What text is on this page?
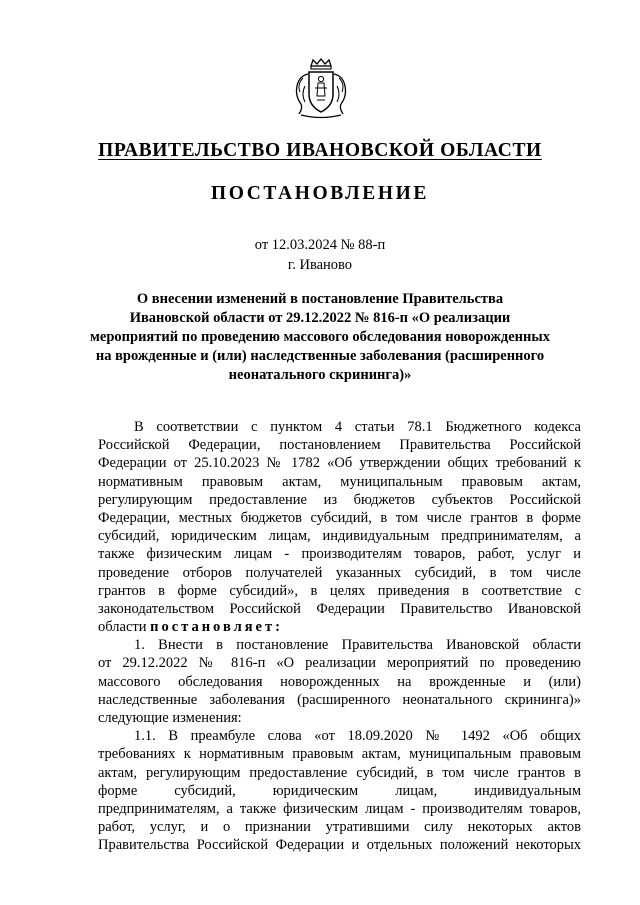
ПРАВИТЕЛЬСТВО ИВАНОВСКОЙ ОБЛАСТИ
ПОСТАНОВЛЕНИЕ
от 12.03.2024 № 88-п
г. Иваново
О внесении изменений в постановление Правительства
Ивановской области от 29.12.2022 № 816-п «О реализации
мероприятий по проведению массового обследования новорожденных
на врожденные и (или) наследственные заболевания (расширенного
неонатального скрининга)»
В соответствии с пунктом 4 статьи 78.1 Бюджетного кодекса
Российской Федерации, постановлением Правительства Российской
Федерации от 25.10.2023 № 1782 «Об утверждении общих требований к
нормативным правовым актам, муниципальным правовым актам,
регулирующим предоставление из бюджетов субъектов Российской
Федерации, местных бюджетов субсидий, в том числе грантов в форме
субсидий, юридическим лицам, индивидуальным предпринимателям, а
также физическим лицам - производителям товаров, работ, услуг и
проведение отборов получателей указанных субсидий, в том числе
грантов в форме субсидий», в целях приведения в соответствие с
законодательством Российской Федерации Правительство Ивановской
области постановляет:
1. Внести в постановление Правительства Ивановской области
от 29.12.2022 № 816-п «О реализации мероприятий по проведению
массового обследования новорожденных на врожденные и (или)
наследственные заболевания (расширенного неонатального скрининга)»
следующие изменения:
1.1. В преамбуле слова «от 18.09.2020 № 1492 «Об общих
требованиях к нормативным правовым актам, муниципальным правовым
актам, регулирующим предоставление субсидий, в том числе грантов в
форме субсидий, юридическим лицам, индивидуальным
предпринимателям, а также физическим лицам - производителям товаров,
работ, услуг, и о признании утратившими силу некоторых актов
Правительства Российской Федерации и отдельных положений некоторых
